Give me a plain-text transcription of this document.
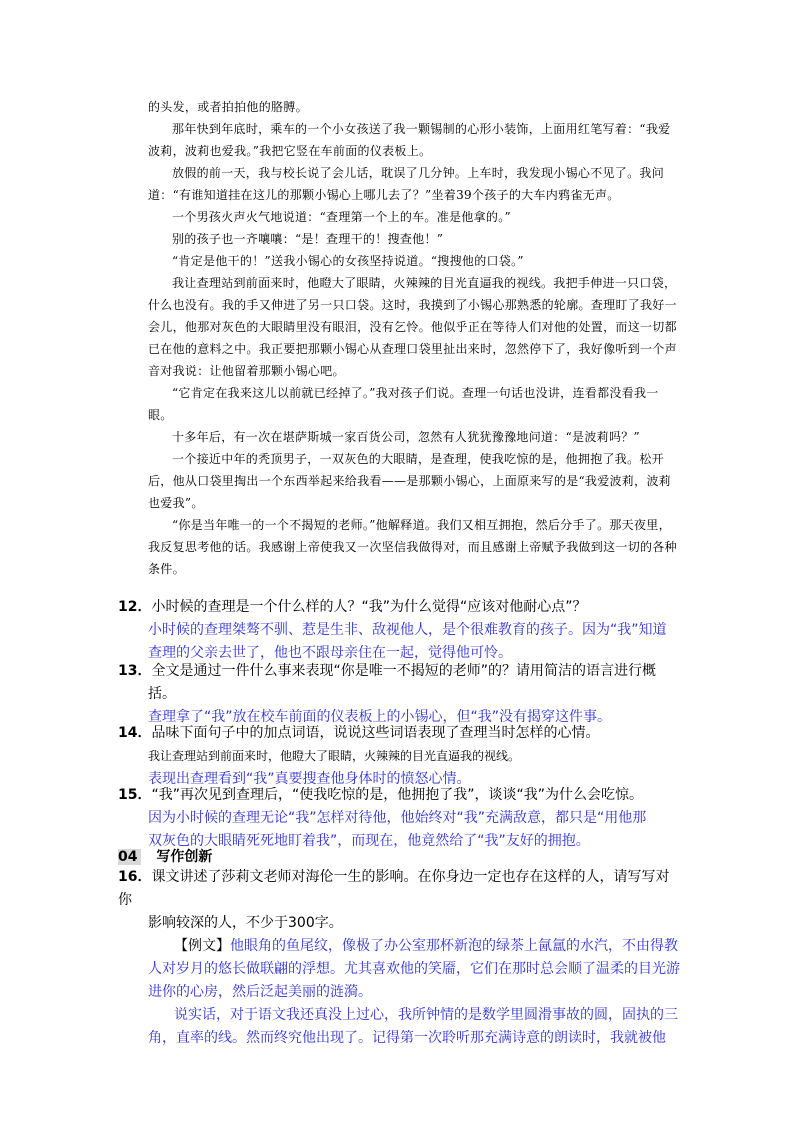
的头发，或者拍拍他的胳膊。

那年快到年底时，乘车的一个小女孩送了我一颗锡制的心形小装饰，上面用红笔写着：“我爱波莉，波莉也爱我。”我把它竖在车前面的仪表板上。

放假的前一天，我与校长说了会儿话，耽误了几分钟。上车时，我发现小锡心不见了。我问道：“有谁知道挂在这儿的那颗小锡心上哪儿去了？”坐着39个孩子的大车内鸦雀无声。

一个男孩火声火气地说道：“查理第一个上的车。准是他拿的。”

别的孩子也一齐嚷嚷：“是！查理干的！搜查他！”

“肯定是他干的！”送我小锡心的女孩坚持说道。“搜搜他的口袋。”

我让查理站到前面来时，他瞪大了眼睛，火辣辣的目光直逼我的视线。我把手伸进一只口袋，什么也没有。我的手又伸进了另一只口袋。这时，我摸到了小锡心那熟悉的轮廓。查理盯了我好一会儿，他那对灰色的大眼睛里没有眼泪，没有乞怜。他似乎正在等待人们对他的处置，而这一切都已在他的意料之中。我正要把那颗小锡心从查理口袋里扯出来时，忽然停下了，我好像听到一个声音对我说：让他留着那颗小锡心吧。

“它肯定在我来这儿以前就已经掉了。”我对孩子们说。查理一句话也没讲，连看都没看我一眼。

十多年后，有一次在堪萨斯城一家百货公司，忽然有人犹犹豫豫地问道：“是波莉吗？”

一个接近中年的秃顶男子，一双灰色的大眼睛，是查理，使我吃惊的是，他拥抱了我。松开后，他从口袋里掏出一个东西举起来给我看——是那颗小锡心，上面原来写的是“我爱波莉，波莉也爱我”。

“你是当年唯一的一个不揭短的老师。”他解释道。我们又相互拥抱，然后分手了。那天夜里，我反复思考他的话。我感谢上帝使我又一次坚信我做得对，而且感谢上帝赋予我做到这一切的各种条件。

12．小时候的查理是一个什么样的人？“我”为什么觉得“应该对他耐心点”？

小时候的查理桀骜不驯、惹是生非、敌视他人，是个很难教育的孩子。因为“我”知道

查理的父亲去世了，他也不跟母亲住在一起，觉得他可怜。

13．全文是通过一件什么事来表现“你是唯一不揭短的老师”的？请用简洁的语言进行概

括。

查理拿了“我”放在校车前面的仪表板上的小锡心，但“我”没有揭穿这件事。

14．品味下面句子中的加点词语，说说这些词语表现了查理当时怎样的心情。

我让查理站到前面来时，他瞪大了眼睛，火辣辣的目光直逼我的视线。

表现出查理看到“我”真要搜查他身体时的愤怒心情。

15．“我”再次见到查理后，“使我吃惊的是，他拥抱了我”，谈谈“我”为什么会吃惊。

因为小时候的查理无论“我”怎样对待他，他始终对“我”充满敌意，都只是“用他那

双灰色的大眼睛死死地盯着我”，而现在，他竟然给了“我”友好的拥抱。

04 写作创新

16．课文讲述了莎莉文老师对海伦一生的影响。在你身边一定也存在这样的人，请写写对你

影响较深的人，不少于300字。

【例文】他眼角的鱼尾纹，像极了办公室那杯新泡的绿茶上氤氲的水汽，不由得教人对岁月的悠长做联翩的浮想。尤其喜欢他的笑靥，它们在那时总会顺了温柔的目光游进你的心房，然后泛起美丽的涟漪。

说实话，对于语文我还真没上过心，我所钟情的是数学里圆滑事故的圆，固执的三角，直率的线。然而终究他出现了。记得第一次聆听那充满诗意的朗读时，我就被他
